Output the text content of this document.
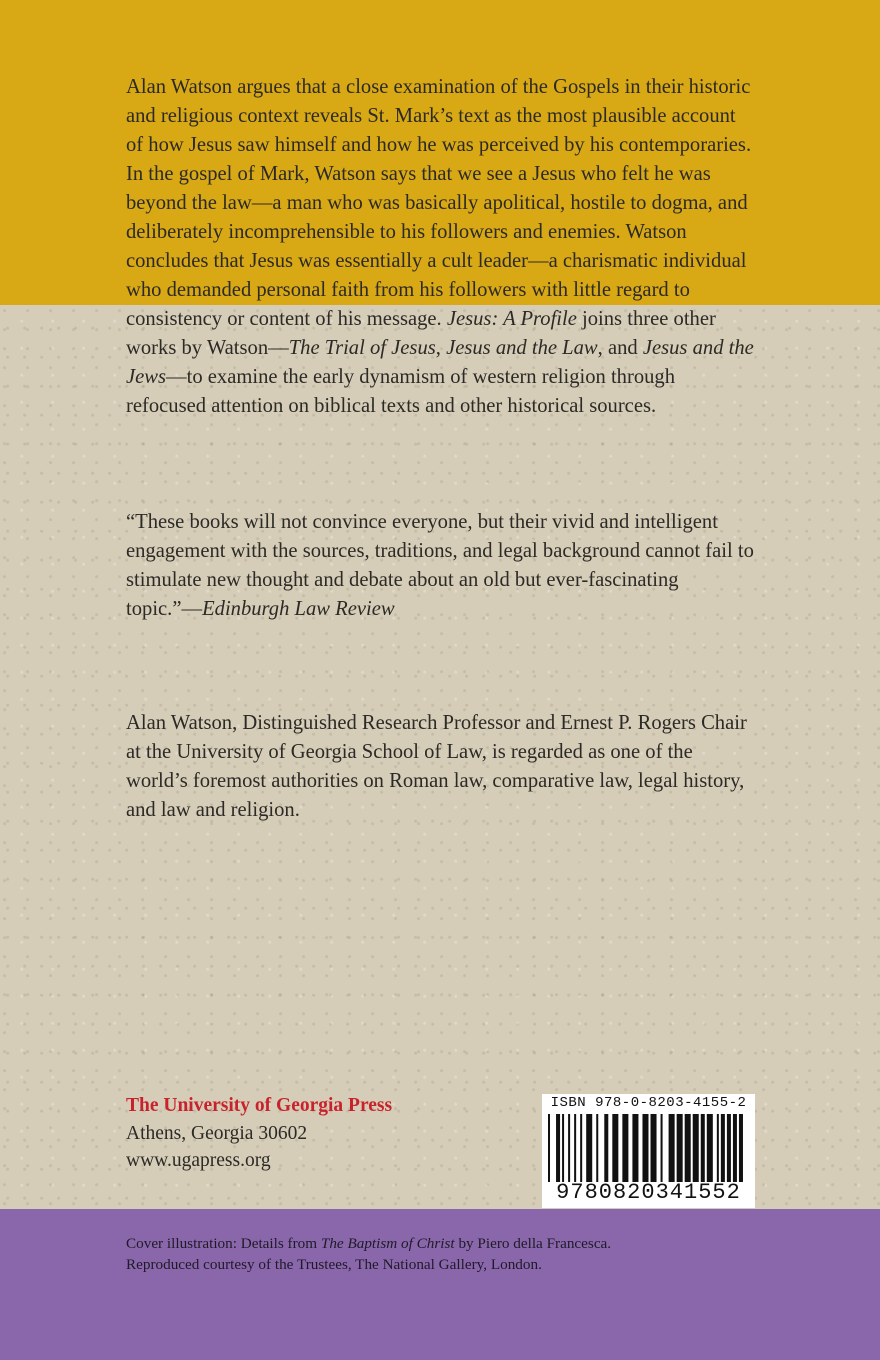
Alan Watson argues that a close examination of the Gospels in their historic and religious context reveals St. Mark’s text as the most plausible account of how Jesus saw himself and how he was perceived by his contemporaries. In the gospel of Mark, Watson says that we see a Jesus who felt he was beyond the law—a man who was basically apolitical, hostile to dogma, and deliberately incomprehensible to his followers and enemies. Watson concludes that Jesus was essentially a cult leader—a charismatic individual who demanded personal faith from his followers with little regard to consistency or content of his message. Jesus: A Profile joins three other works by Watson—The Trial of Jesus, Jesus and the Law, and Jesus and the Jews—to examine the early dynamism of western religion through refocused attention on biblical texts and other historical sources.

“These books will not convince everyone, but their vivid and intelligent engagement with the sources, traditions, and legal background cannot fail to stimulate new thought and debate about an old but ever-fascinating topic.”—Edinburgh Law Review

Alan Watson, Distinguished Research Professor and Ernest P. Rogers Chair at the University of Georgia School of Law, is regarded as one of the world’s foremost authorities on Roman law, comparative law, legal history, and law and religion.

The University of Georgia Press
Athens, Georgia 30602
www.ugapress.org
ISBN 978-0-8203-4155-2
9780820341552
Cover illustration: Details from The Baptism of Christ by Piero della Francesca.
Reproduced courtesy of the Trustees, The National Gallery, London.
